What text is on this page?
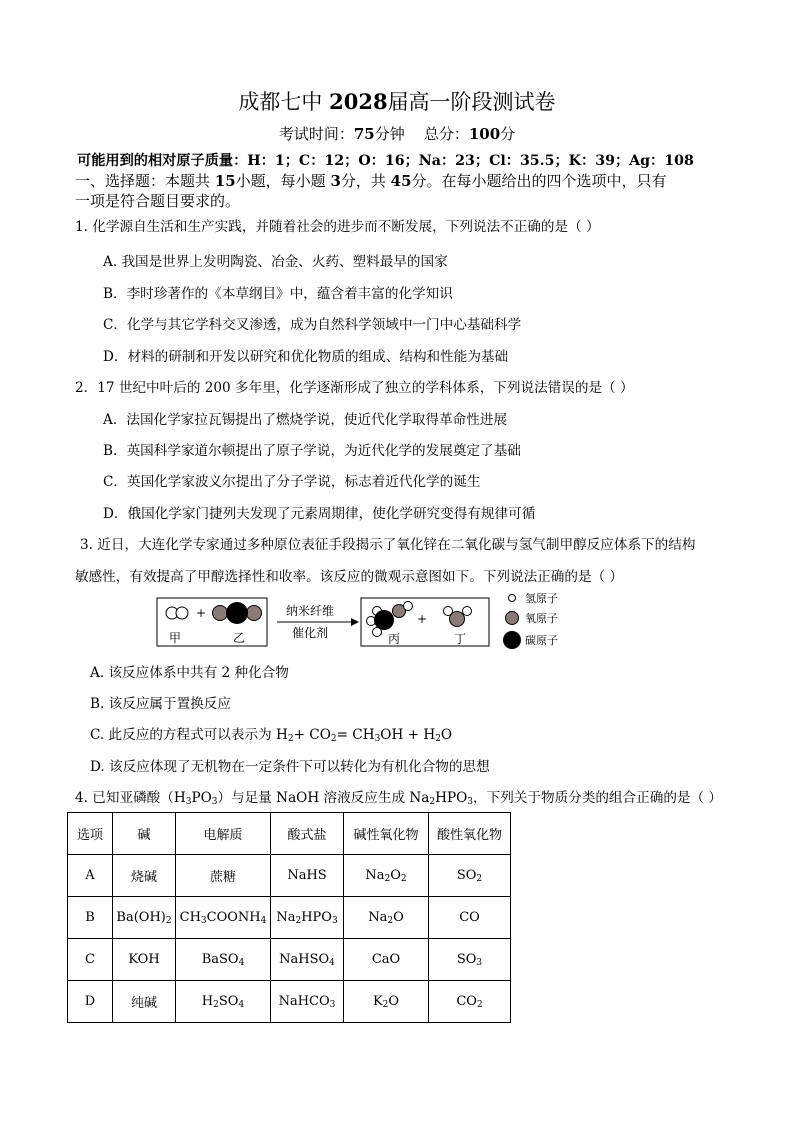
成都七中 2028届高一阶段测试卷
考试时间：75分钟 总分：100分
可能用到的相对原子质量：H：1；C：12；O：16；Na：23；Cl：35.5；K：39；Ag：108
一、选择题：本题共 15小题，每小题 3分，共 45分。在每小题给出的四个选项中，只有
一项是符合题目要求的。
1. 化学源自生活和生产实践，并随着社会的进步而不断发展，下列说法不正确的是（ ）
A. 我国是世界上发明陶瓷、冶金、火药、塑料最早的国家
B．李时珍著作的《本草纲目》中，蕴含着丰富的化学知识
C．化学与其它学科交叉渗透，成为自然科学领域中一门中心基础科学
D．材料的研制和开发以研究和优化物质的组成、结构和性能为基础
2．17 世纪中叶后的 200 多年里，化学逐渐形成了独立的学科体系，下列说法错误的是（ ）
A．法国化学家拉瓦锡提出了燃烧学说，使近代化学取得革命性进展
B．英国科学家道尔顿提出了原子学说，为近代化学的发展奠定了基础
C．英国化学家波义尔提出了分子学说，标志着近代化学的诞生
D．俄国化学家门捷列夫发现了元素周期律，使化学研究变得有规律可循
3. 近日，大连化学专家通过多种原位表征手段揭示了氧化锌在二氧化碳与氢气制甲醇反应体系下的结构
敏感性，有效提高了甲醇选择性和收率。该反应的微观示意图如下。下列说法正确的是（ ）
+
甲	乙
纳米纤维
催化剂
+
丙	丁
氢原子
氧原子
碳原子
A. 该反应体系中共有 2 种化合物
B. 该反应属于置换反应
C. 此反应的方程式可以表示为 $H_2+ CO_2= CH_3OH + H_2O$
D. 该反应体现了无机物在一定条件下可以转化为有机化合物的思想
4. 已知亚磷酸$(H_3PO_3)$与足量 NaOH 溶液反应生成 $Na_2HPO_3$，下列关于物质分类的组合正确的是（ ）
选项	碱	电解质	酸式盐	碱性氧化物	酸性氧化物
A	烧碱	蔗糖	NaHS	$Na_2O_2$	$SO_2$
B	$Ba(OH)_2$	$CH_3COONH_4$	$Na_2HPO_3$	$Na_2O$	CO
C	KOH	BaSO$_4$	NaHSO$_4$	CaO	$SO_3$
D	纯碱	$H_2SO_4$	NaHCO$_3$	$K_2O$	$CO_2$
